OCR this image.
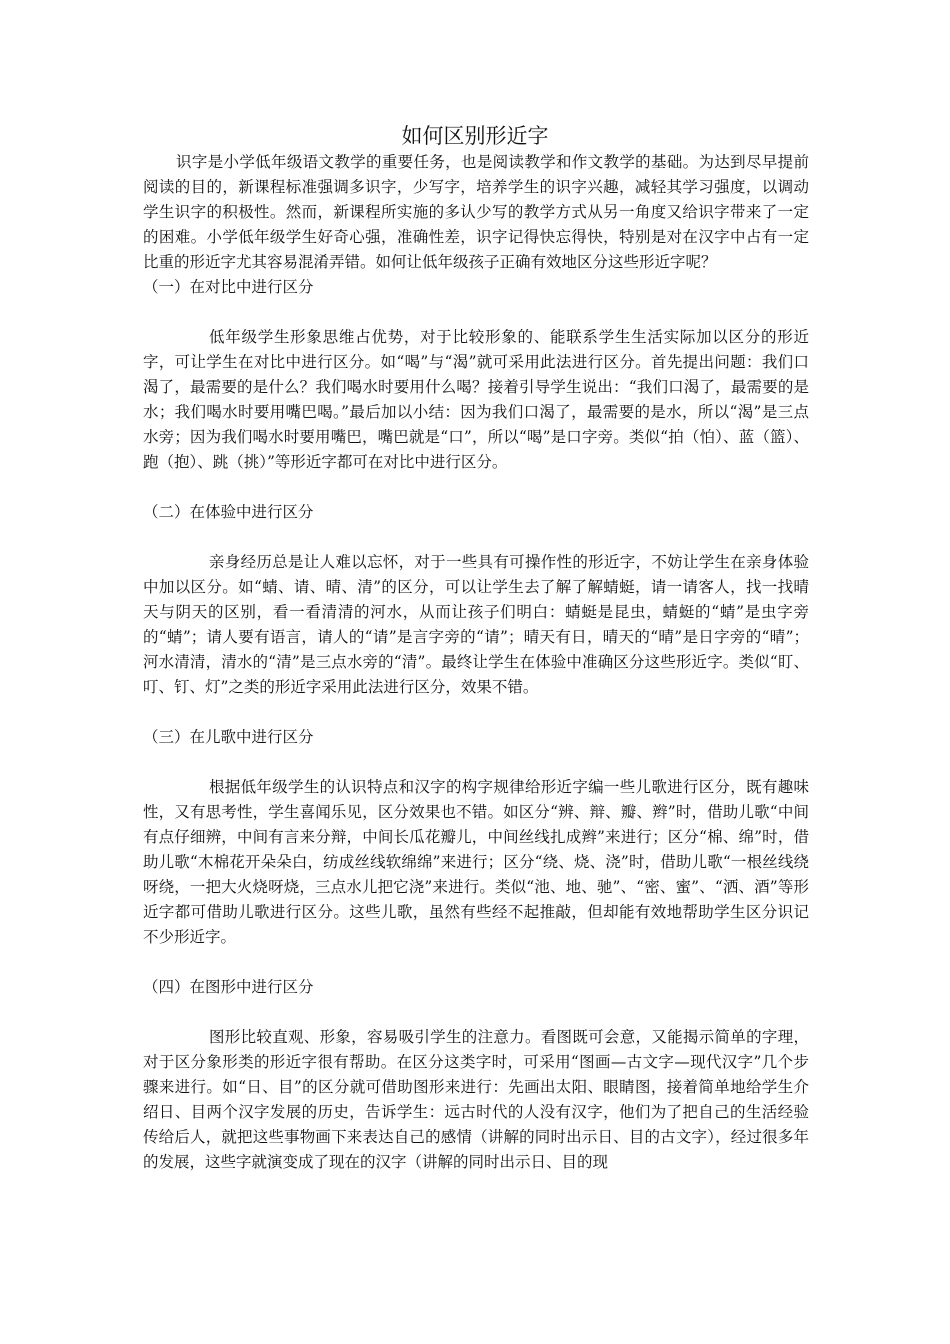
如何区别形近字

识字是小学低年级语文教学的重要任务，也是阅读教学和作文教学的基础。为达到尽早提前阅读的目的，新课程标准强调多识字，少写字，培养学生的识字兴趣，减轻其学习强度，以调动学生识字的积极性。然而，新课程所实施的多认少写的教学方式从另一角度又给识字带来了一定的困难。小学低年级学生好奇心强，准确性差，识字记得快忘得快，特别是对在汉字中占有一定比重的形近字尤其容易混淆弄错。如何让低年级孩子正确有效地区分这些形近字呢？

（一）在对比中进行区分

低年级学生形象思维占优势，对于比较形象的、能联系学生生活实际加以区分的形近字，可让学生在对比中进行区分。如“喝”与“渴”就可采用此法进行区分。首先提出问题：我们口渴了，最需要的是什么？我们喝水时要用什么喝？接着引导学生说出：“我们口渴了，最需要的是水；我们喝水时要用嘴巴喝。”最后加以小结：因为我们口渴了，最需要的是水，所以“渴”是三点水旁；因为我们喝水时要用嘴巴，嘴巴就是“口”，所以“喝”是口字旁。类似“拍（怕）、蓝（篮）、跑（抱）、跳（挑）”等形近字都可在对比中进行区分。

（二）在体验中进行区分

亲身经历总是让人难以忘怀，对于一些具有可操作性的形近字，不妨让学生在亲身体验中加以区分。如“蜻、请、晴、清”的区分，可以让学生去了解了解蜻蜓，请一请客人，找一找晴天与阴天的区别，看一看清清的河水，从而让孩子们明白：蜻蜓是昆虫，蜻蜓的“蜻”是虫字旁的“蜻”；请人要有语言，请人的“请”是言字旁的“请”；晴天有日，晴天的“晴”是日字旁的“晴”；河水清清，清水的“清”是三点水旁的“清”。最终让学生在体验中准确区分这些形近字。类似“盯、叮、钉、灯”之类的形近字采用此法进行区分，效果不错。

（三）在儿歌中进行区分

根据低年级学生的认识特点和汉字的构字规律给形近字编一些儿歌进行区分，既有趣味性，又有思考性，学生喜闻乐见，区分效果也不错。如区分“辨、辩、瓣、辫”时，借助儿歌“中间有点仔细辨，中间有言来分辩，中间长瓜花瓣儿，中间丝线扎成辫”来进行；区分“棉、绵”时，借助儿歌“木棉花开朵朵白，纺成丝线软绵绵”来进行；区分“绕、烧、浇”时，借助儿歌“一根丝线绕呀绕，一把大火烧呀烧，三点水儿把它浇”来进行。类似“池、地、驰”、“密、蜜”、“洒、酒”等形近字都可借助儿歌进行区分。这些儿歌，虽然有些经不起推敲，但却能有效地帮助学生区分识记不少形近字。

（四）在图形中进行区分

图形比较直观、形象，容易吸引学生的注意力。看图既可会意，又能揭示简单的字理，对于区分象形类的形近字很有帮助。在区分这类字时，可采用“图画—古文字—现代汉字”几个步骤来进行。如“日、目”的区分就可借助图形来进行：先画出太阳、眼睛图，接着简单地给学生介绍日、目两个汉字发展的历史，告诉学生：远古时代的人没有汉字，他们为了把自己的生活经验传给后人，就把这些事物画下来表达自己的感情（讲解的同时出示日、目的古文字），经过很多年的发展，这些字就演变成了现在的汉字（讲解的同时出示日、目的现
